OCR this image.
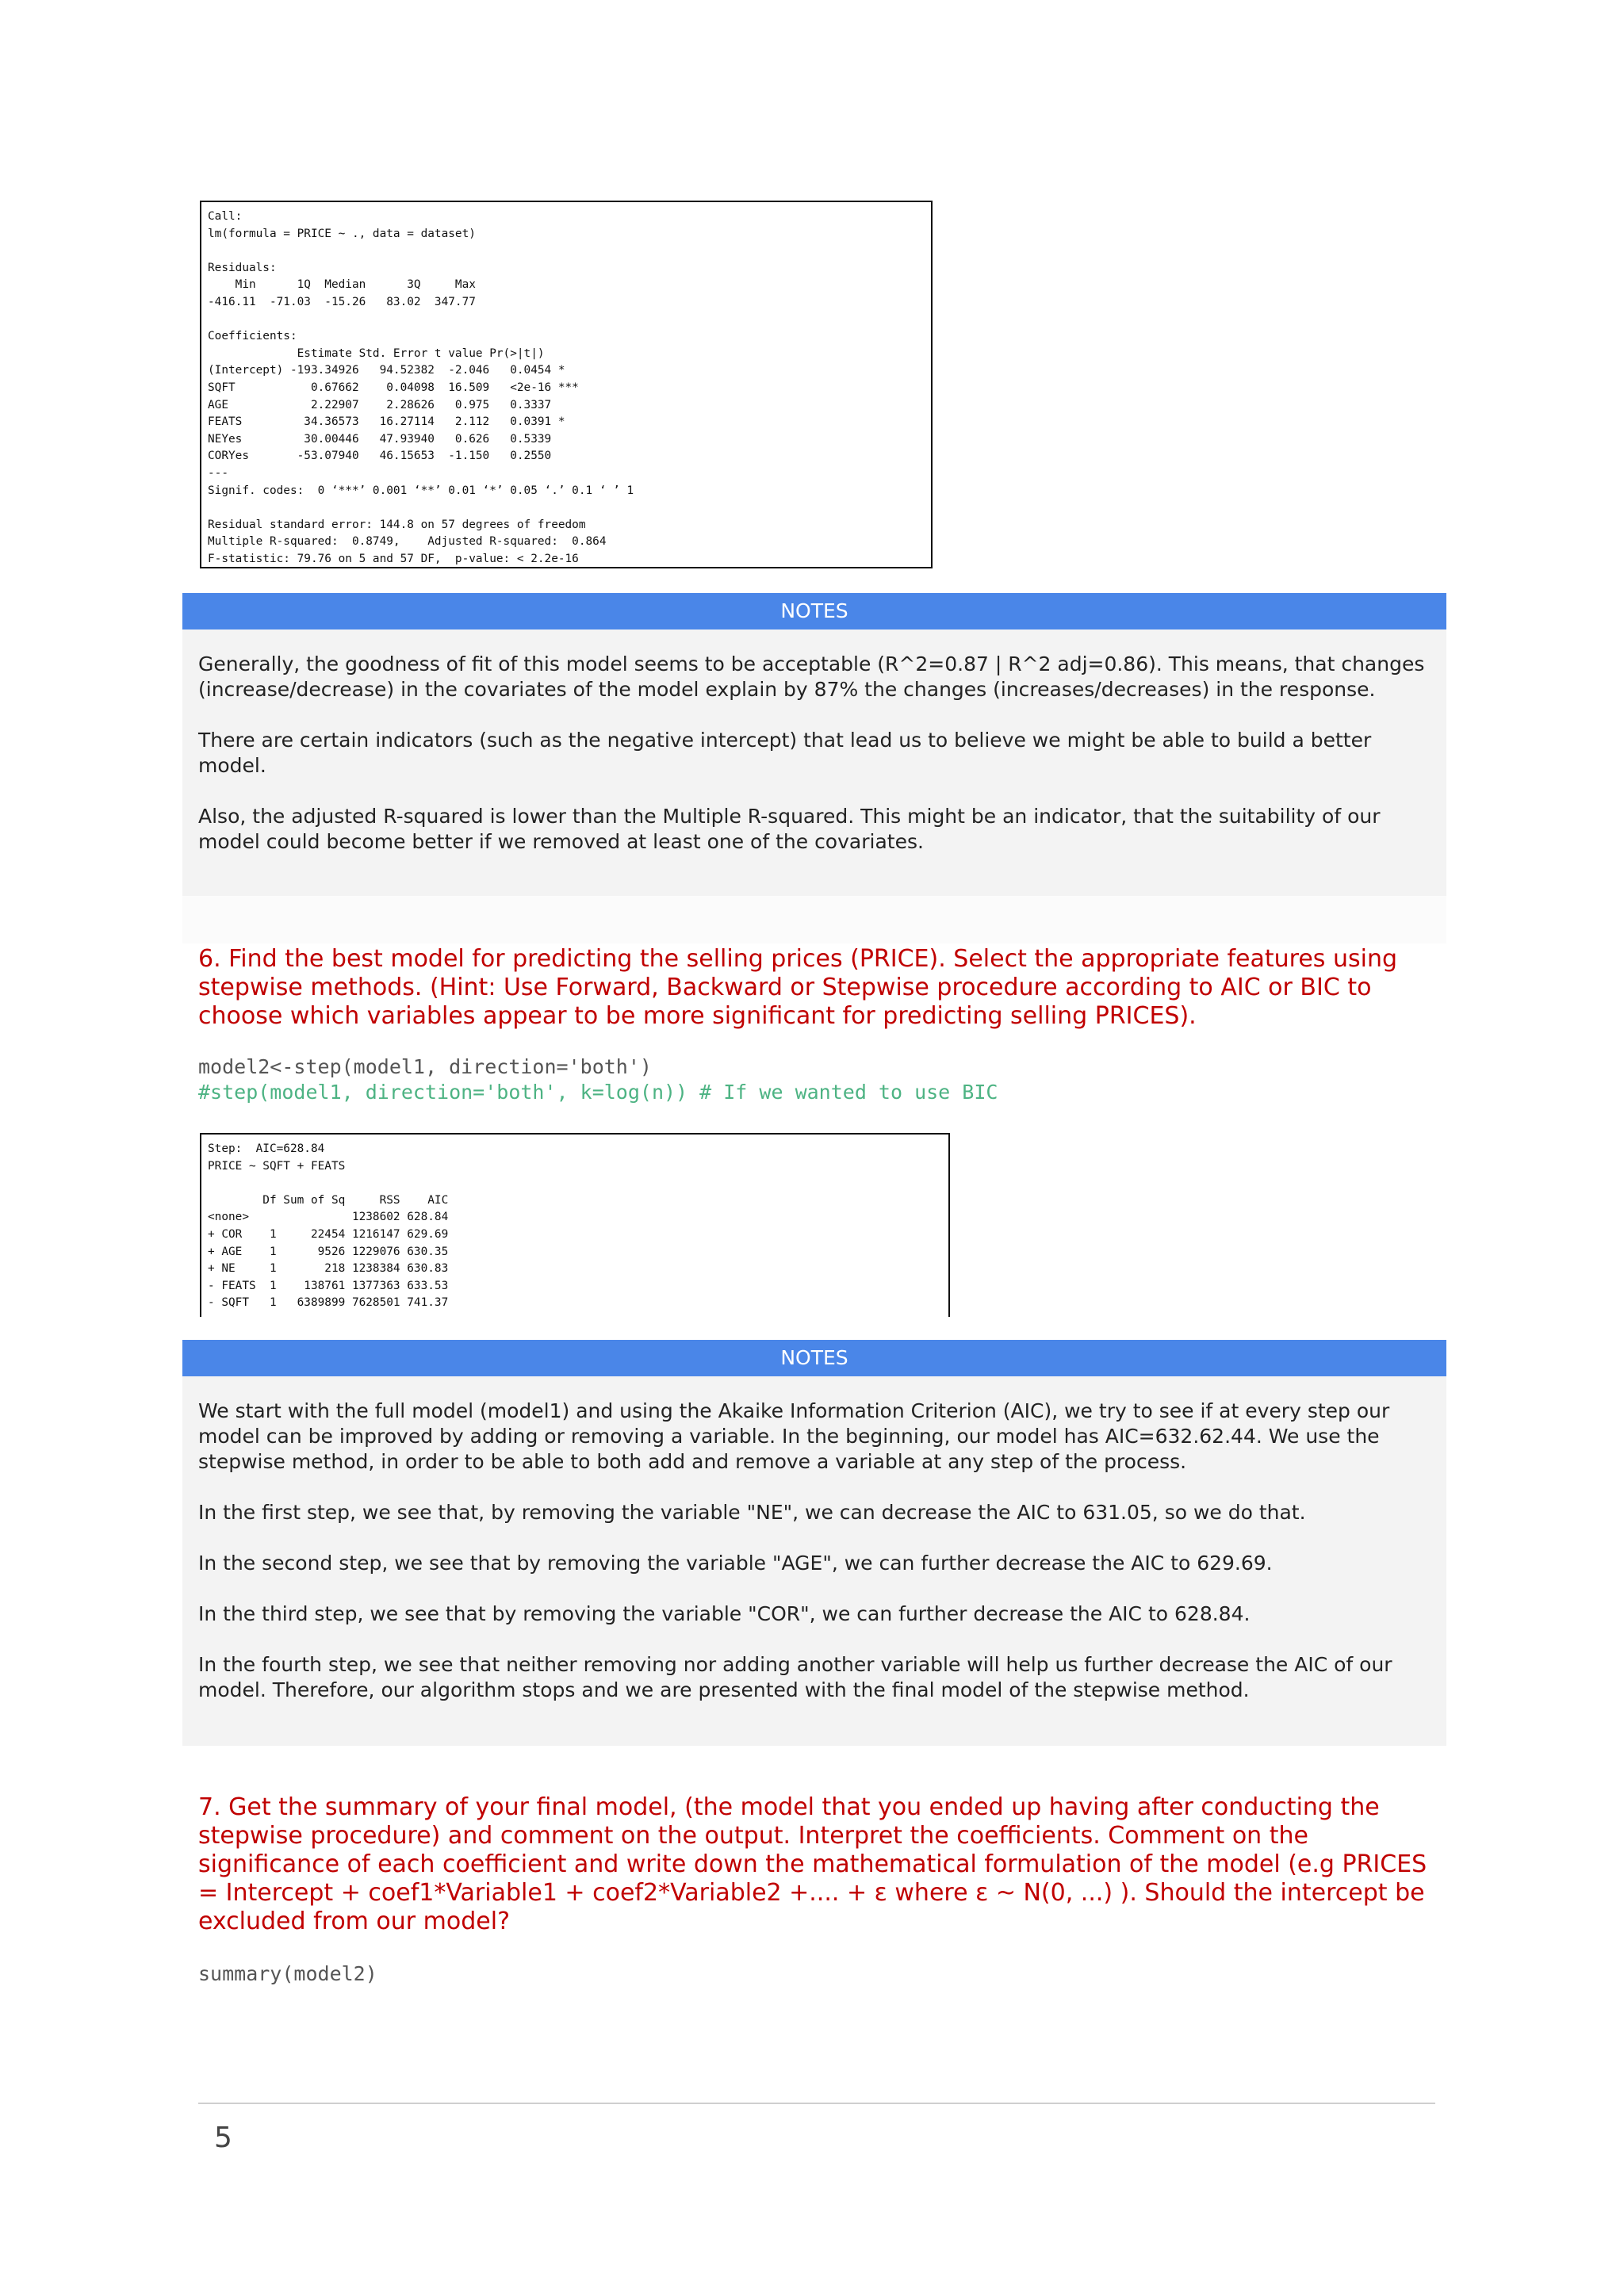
Call:
lm(formula = PRICE ~ ., data = dataset)

Residuals:
Min      1Q  Median      3Q     Max
-416.11  -71.03  -15.26   83.02  347.77

Coefficients:
Estimate Std. Error t value Pr(>|t|)
(Intercept) -193.34926   94.52382  -2.046   0.0454 *
SQFT           0.67662    0.04098  16.509   <2e-16 ***
AGE            2.22907    2.28626   0.975   0.3337
FEATS         34.36573   16.27114   2.112   0.0391 *
NEYes         30.00446   47.93940   0.626   0.5339
CORYes       -53.07940   46.15653  -1.150   0.2550
---
Signif. codes:  0 ‘***’ 0.001 ‘**’ 0.01 ‘*’ 0.05 ‘.’ 0.1 ‘ ’ 1

Residual standard error: 144.8 on 57 degrees of freedom
Multiple R-squared:  0.8749,    Adjusted R-squared:  0.864
F-statistic: 79.76 on 5 and 57 DF,  p-value: < 2.2e-16
NOTES

Generally, the goodness of fit of this model seems to be acceptable (R^2=0.87 | R^2 adj=0.86). This means, that changes (increase/decrease) in the covariates of the model explain by 87% the changes (increases/decreases) in the response.

There are certain indicators (such as the negative intercept) that lead us to believe we might be able to build a better model.

Also, the adjusted R-squared is lower than the Multiple R-squared. This might be an indicator, that the suitability of our model could become better if we removed at least one of the covariates.

6. Find the best model for predicting the selling prices (PRICE). Select the appropriate features using stepwise methods. (Hint: Use Forward, Backward or Stepwise procedure according to AIC or BIC to choose which variables appear to be more significant for predicting selling PRICES).
model2<-step(model1, direction='both')
#step(model1, direction='both', k=log(n)) # If we wanted to use BIC
Step:  AIC=628.84
PRICE ~ SQFT + FEATS

Df Sum of Sq     RSS    AIC
<none>               1238602 628.84
+ COR    1     22454 1216147 629.69
+ AGE    1      9526 1229076 630.35
+ NE     1       218 1238384 630.83
- FEATS  1    138761 1377363 633.53
- SQFT   1   6389899 7628501 741.37
NOTES

We start with the full model (model1) and using the Akaike Information Criterion (AIC), we try to see if at every step our model can be improved by adding or removing a variable. In the beginning, our model has AIC=632.62.44. We use the stepwise method, in order to be able to both add and remove a variable at any step of the process.

In the first step, we see that, by removing the variable "NE", we can decrease the AIC to 631.05, so we do that.

In the second step, we see that by removing the variable "AGE", we can further decrease the AIC to 629.69.

In the third step, we see that by removing the variable "COR", we can further decrease the AIC to 628.84.

In the fourth step, we see that neither removing nor adding another variable will help us further decrease the AIC of our model. Therefore, our algorithm stops and we are presented with the final model of the stepwise method.

7. Get the summary of your final model, (the model that you ended up having after conducting the stepwise procedure) and comment on the output. Interpret the coefficients. Comment on the significance of each coefficient and write down the mathematical formulation of the model (e.g PRICES = Intercept + coef1*Variable1 + coef2*Variable2 +.... + ε where ε ~ N(0, ...) ). Should the intercept be excluded from our model?
summary(model2)
5
